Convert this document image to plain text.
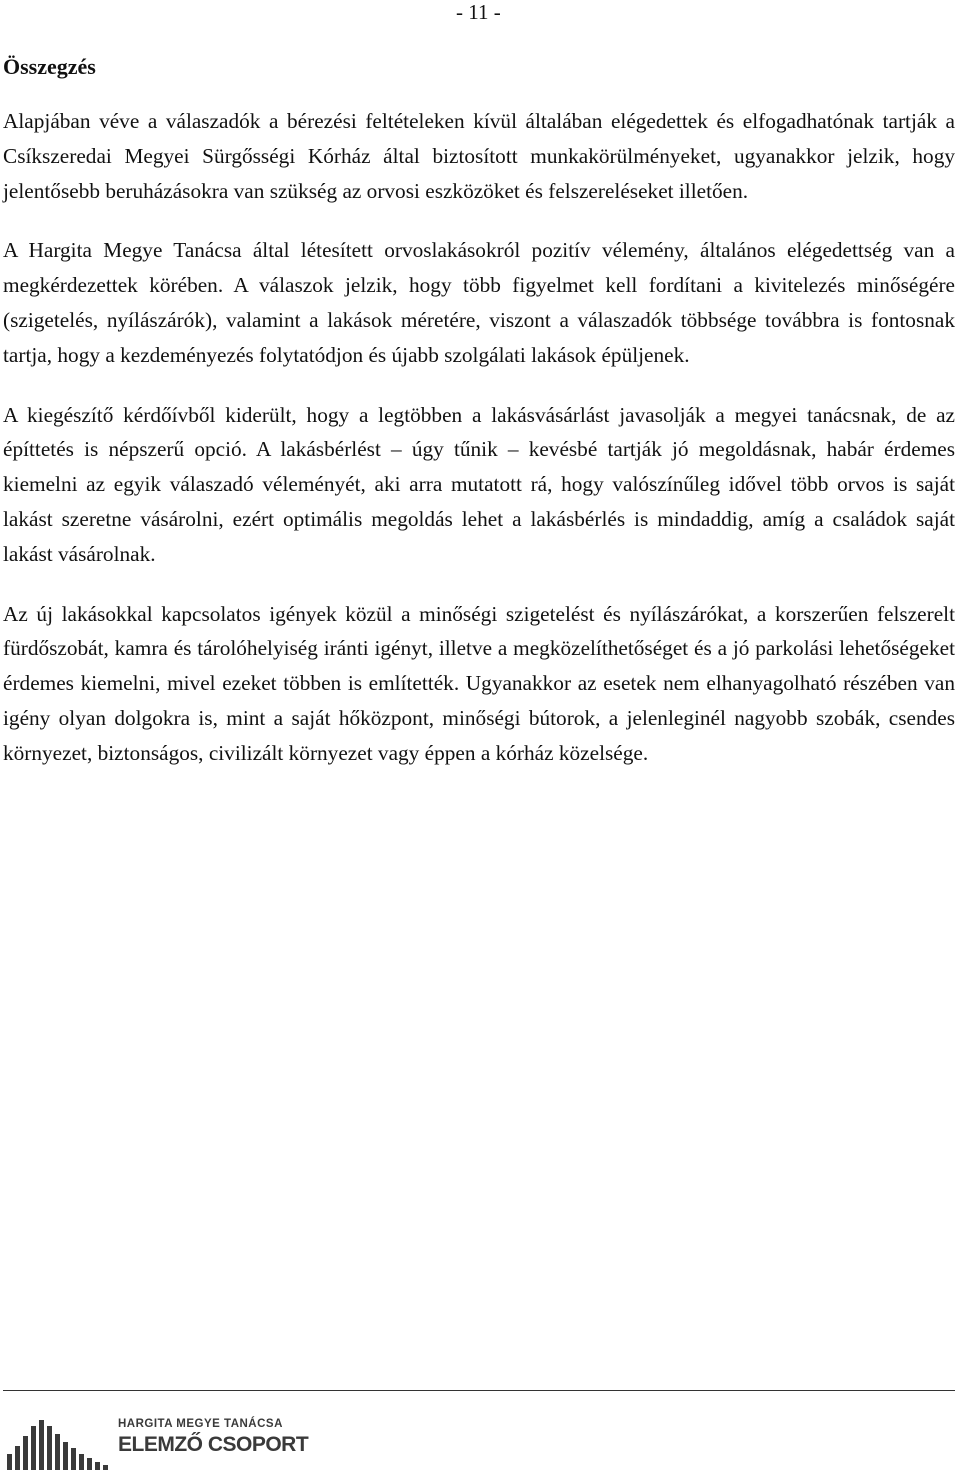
- 11 -
Összegzés

Alapjában véve a válaszadók a bérezési feltételeken kívül általában elégedettek és elfogadhatónak tartják a Csíkszeredai Megyei Sürgősségi Kórház által biztosított munkakörülményeket, ugyanakkor jelzik, hogy jelentősebb beruházásokra van szükség az orvosi eszközöket és felszereléseket illetően.

A Hargita Megye Tanácsa által létesített orvoslakásokról pozitív vélemény, általános elégedettség van a megkérdezettek körében. A válaszok jelzik, hogy több figyelmet kell fordítani a kivitelezés minőségére (szigetelés, nyílászárók), valamint a lakások méretére, viszont a válaszadók többsége továbbra is fontosnak tartja, hogy a kezdeményezés folytatódjon és újabb szolgálati lakások épüljenek.

A kiegészítő kérdőívből kiderült, hogy a legtöbben a lakásvásárlást javasolják a megyei tanácsnak, de az építtetés is népszerű opció. A lakásbérlést – úgy tűnik – kevésbé tartják jó megoldásnak, habár érdemes kiemelni az egyik válaszadó véleményét, aki arra mutatott rá, hogy valószínűleg idővel több orvos is saját lakást szeretne vásárolni, ezért optimális megoldás lehet a lakásbérlés is mindaddig, amíg a családok saját lakást vásárolnak.

Az új lakásokkal kapcsolatos igények közül a minőségi szigetelést és nyílászárókat, a korszerűen felszerelt fürdőszobát, kamra és tárolóhelyiség iránti igényt, illetve a megközelíthetőséget és a jó parkolási lehetőségeket érdemes kiemelni, mivel ezeket többen is említették. Ugyanakkor az esetek nem elhanyagolható részében van igény olyan dolgokra is, mint a saját hőközpont, minőségi bútorok, a jelenleginél nagyobb szobák, csendes környezet, biztonságos, civilizált környezet vagy éppen a kórház közelsége.

HARGITA MEGYE TANÁCSA
ELEMZŐ CSOPORT
